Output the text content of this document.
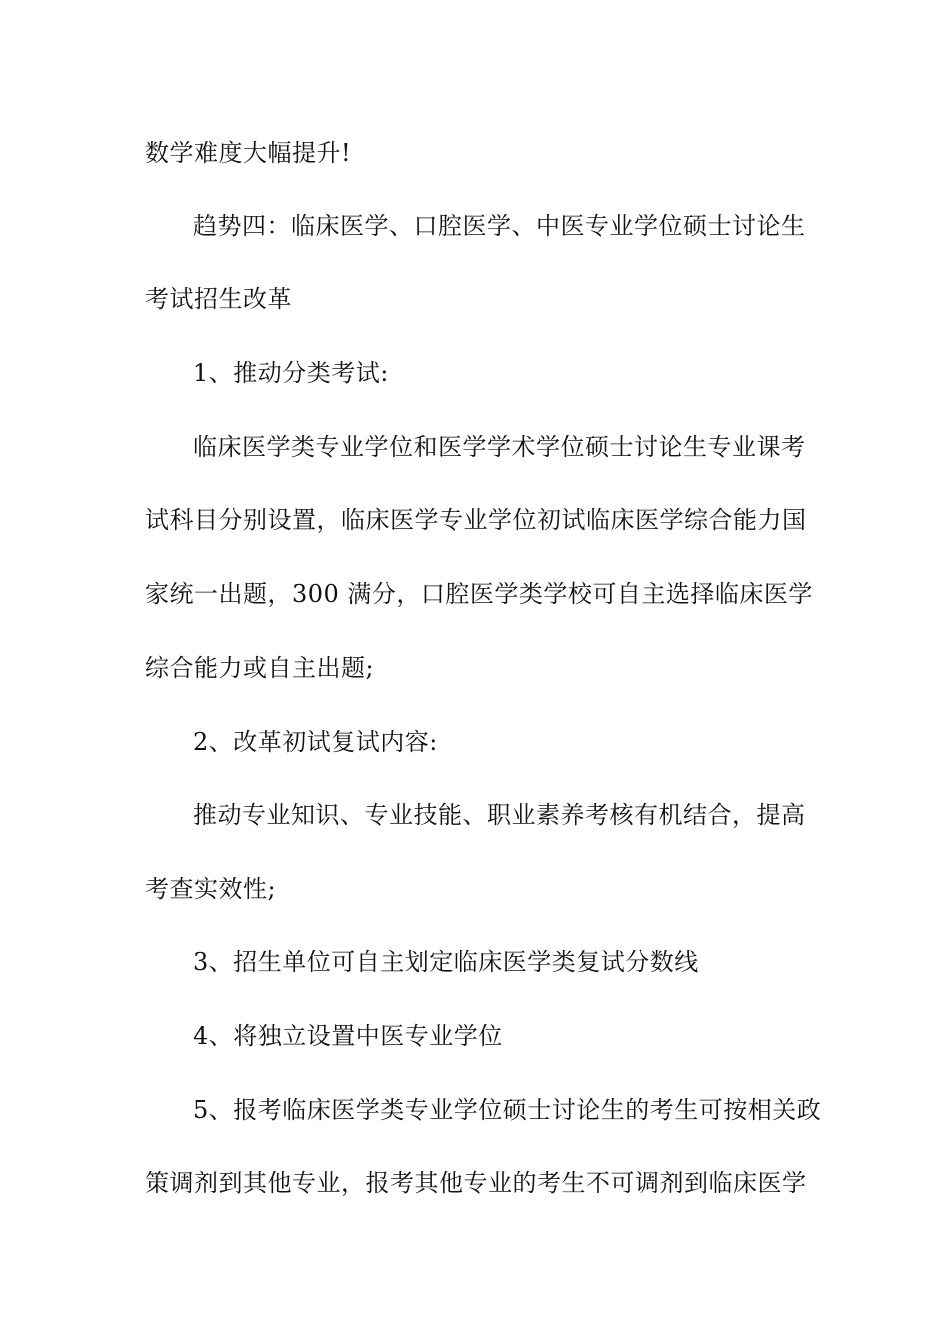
数学难度大幅提升!
趋势四：临床医学、口腔医学、中医专业学位硕士讨论生
考试招生改革
1、推动分类考试:
临床医学类专业学位和医学学术学位硕士讨论生专业课考
试科目分别设置，临床医学专业学位初试临床医学综合能力国
家统一出题，300 满分，口腔医学类学校可自主选择临床医学
综合能力或自主出题;
2、改革初试复试内容:
推动专业知识、专业技能、职业素养考核有机结合，提高
考查实效性;
3、招生单位可自主划定临床医学类复试分数线
4、将独立设置中医专业学位
5、报考临床医学类专业学位硕士讨论生的考生可按相关政
策调剂到其他专业，报考其他专业的考生不可调剂到临床医学
